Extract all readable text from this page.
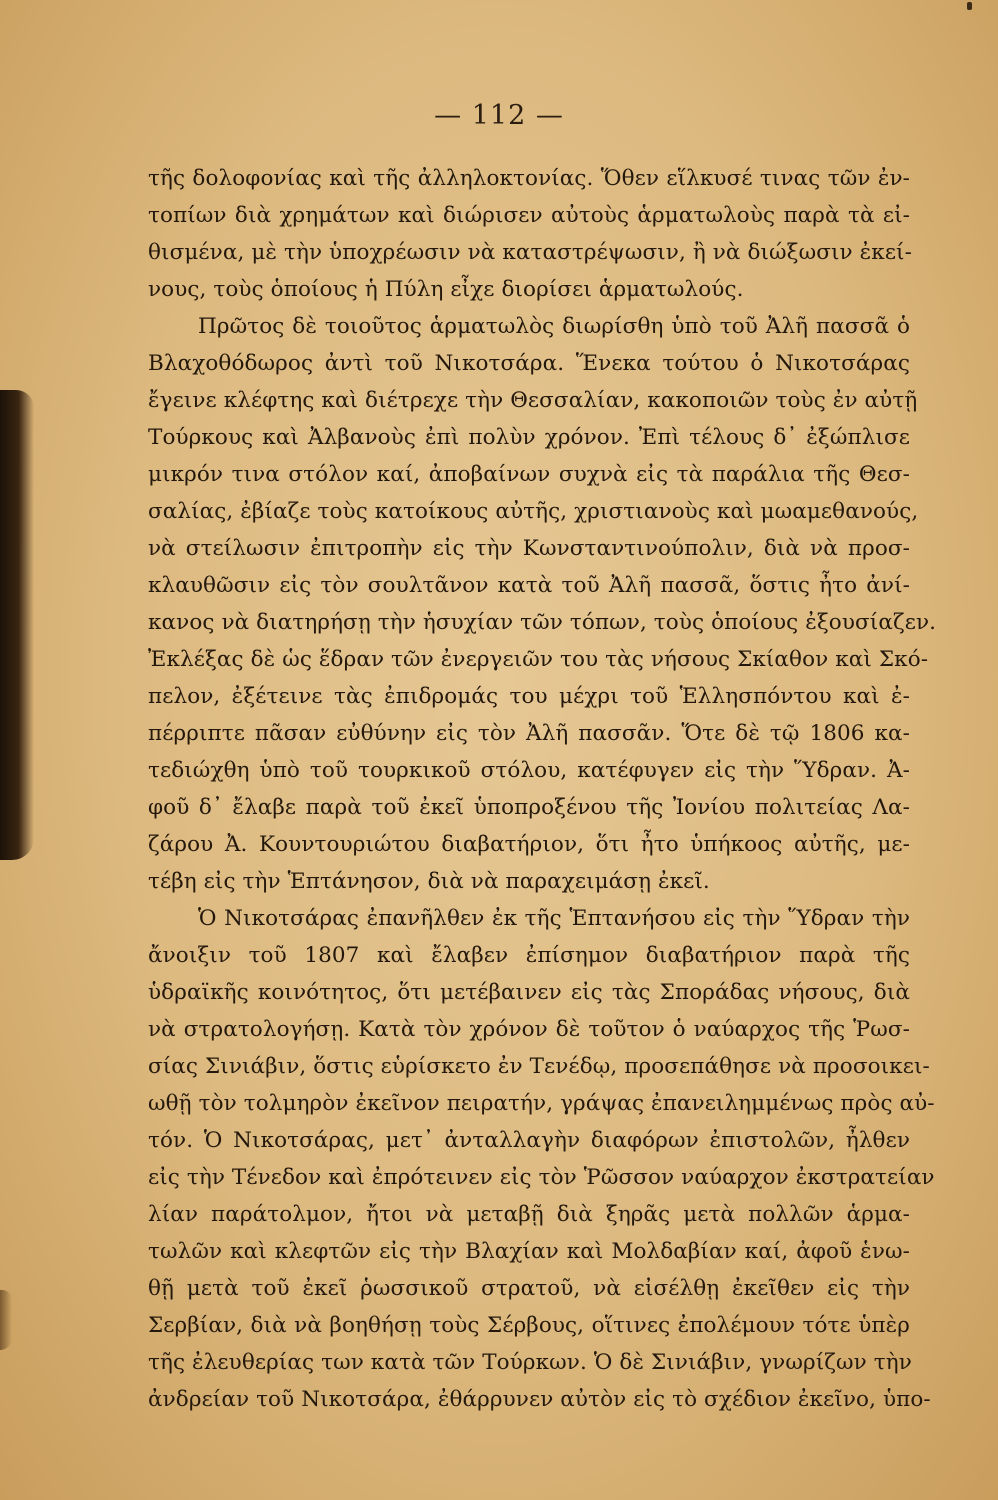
— 112 —
τῆς δολοφονίας καὶ τῆς ἀλληλοκτονίας. Ὅθεν εἵλκυσέ τινας τῶν ἐν-
τοπίων διὰ χρημάτων καὶ διώρισεν αὐτοὺς ἁρματωλοὺς παρὰ τὰ εἰ-
θισμένα, μὲ τὴν ὑποχρέωσιν νὰ καταστρέψωσιν, ἢ νὰ διώξωσιν ἐκεί-
νους, τοὺς ὁποίους ἡ Πύλη εἶχε διορίσει ἁρματωλούς.
Πρῶτος δὲ τοιοῦτος ἁρματωλὸς διωρίσθη ὑπὸ τοῦ Ἀλῆ πασσᾶ ὁ
Βλαχοθόδωρος ἀντὶ τοῦ Νικοτσάρα. Ἕνεκα τούτου ὁ Νικοτσάρας
ἔγεινε κλέφτης καὶ διέτρεχε τὴν Θεσσαλίαν, κακοποιῶν τοὺς ἐν αὐτῇ
Τούρκους καὶ Ἀλβανοὺς ἐπὶ πολὺν χρόνον. Ἐπὶ τέλους δ᾽ ἐξώπλισε
μικρόν τινα στόλον καί, ἀποβαίνων συχνὰ εἰς τὰ παράλια τῆς Θεσ-
σαλίας, ἐβίαζε τοὺς κατοίκους αὐτῆς, χριστιανοὺς καὶ μωαμεθανούς,
νὰ στείλωσιν ἐπιτροπὴν εἰς τὴν Κωνσταντινούπολιν, διὰ νὰ προσ-
κλαυθῶσιν εἰς τὸν σουλτᾶνον κατὰ τοῦ Ἀλῆ πασσᾶ, ὅστις ἦτο ἀνί-
κανος νὰ διατηρήσῃ τὴν ἡσυχίαν τῶν τόπων, τοὺς ὁποίους ἐξουσίαζεν.
Ἐκλέξας δὲ ὡς ἕδραν τῶν ἐνεργειῶν του τὰς νήσους Σκίαθον καὶ Σκό-
πελον, ἐξέτεινε τὰς ἐπιδρομάς του μέχρι τοῦ Ἑλλησπόντου καὶ ἐ-
πέρριπτε πᾶσαν εὐθύνην εἰς τὸν Ἀλῆ πασσᾶν. Ὅτε δὲ τῷ 1806 κα-
τεδιώχθη ὑπὸ τοῦ τουρκικοῦ στόλου, κατέφυγεν εἰς τὴν Ὕδραν. Ἀ-
φοῦ δ᾽ ἔλαβε παρὰ τοῦ ἐκεῖ ὑποπροξένου τῆς Ἰονίου πολιτείας Λα-
ζάρου Ἀ. Κουντουριώτου διαβατήριον, ὅτι ἦτο ὑπήκοος αὐτῆς, με-
τέβη εἰς τὴν Ἑπτάνησον, διὰ νὰ παραχειμάσῃ ἐκεῖ.
Ὁ Νικοτσάρας ἐπανῆλθεν ἐκ τῆς Ἑπτανήσου εἰς τὴν Ὕδραν τὴν
ἄνοιξιν τοῦ 1807 καὶ ἔλαβεν ἐπίσημον διαβατήριον παρὰ τῆς
ὑδραϊκῆς κοινότητος, ὅτι μετέβαινεν εἰς τὰς Σποράδας νήσους, διὰ
νὰ στρατολογήσῃ. Κατὰ τὸν χρόνον δὲ τοῦτον ὁ ναύαρχος τῆς Ῥωσ-
σίας Σινιάβιν, ὅστις εὑρίσκετο ἐν Τενέδῳ, προσεπάθησε νὰ προσοικει-
ωθῇ τὸν τολμηρὸν ἐκεῖνον πειρατήν, γράψας ἐπανειλημμένως πρὸς αὐ-
τόν. Ὁ Νικοτσάρας, μετ᾽ ἀνταλλαγὴν διαφόρων ἐπιστολῶν, ἦλθεν
εἰς τὴν Τένεδον καὶ ἐπρότεινεν εἰς τὸν Ῥῶσσον ναύαρχον ἐκστρατείαν
λίαν παράτολμον, ἤτοι νὰ μεταβῇ διὰ ξηρᾶς μετὰ πολλῶν ἁρμα-
τωλῶν καὶ κλεφτῶν εἰς τὴν Βλαχίαν καὶ Μολδαβίαν καί, ἀφοῦ ἑνω-
θῇ μετὰ τοῦ ἐκεῖ ῥωσσικοῦ στρατοῦ, νὰ εἰσέλθῃ ἐκεῖθεν εἰς τὴν
Σερβίαν, διὰ νὰ βοηθήσῃ τοὺς Σέρβους, οἵτινες ἐπολέμουν τότε ὑπὲρ
τῆς ἐλευθερίας των κατὰ τῶν Τούρκων. Ὁ δὲ Σινιάβιν, γνωρίζων τὴν
ἀνδρείαν τοῦ Νικοτσάρα, ἐθάρρυνεν αὐτὸν εἰς τὸ σχέδιον ἐκεῖνο, ὑπο-
